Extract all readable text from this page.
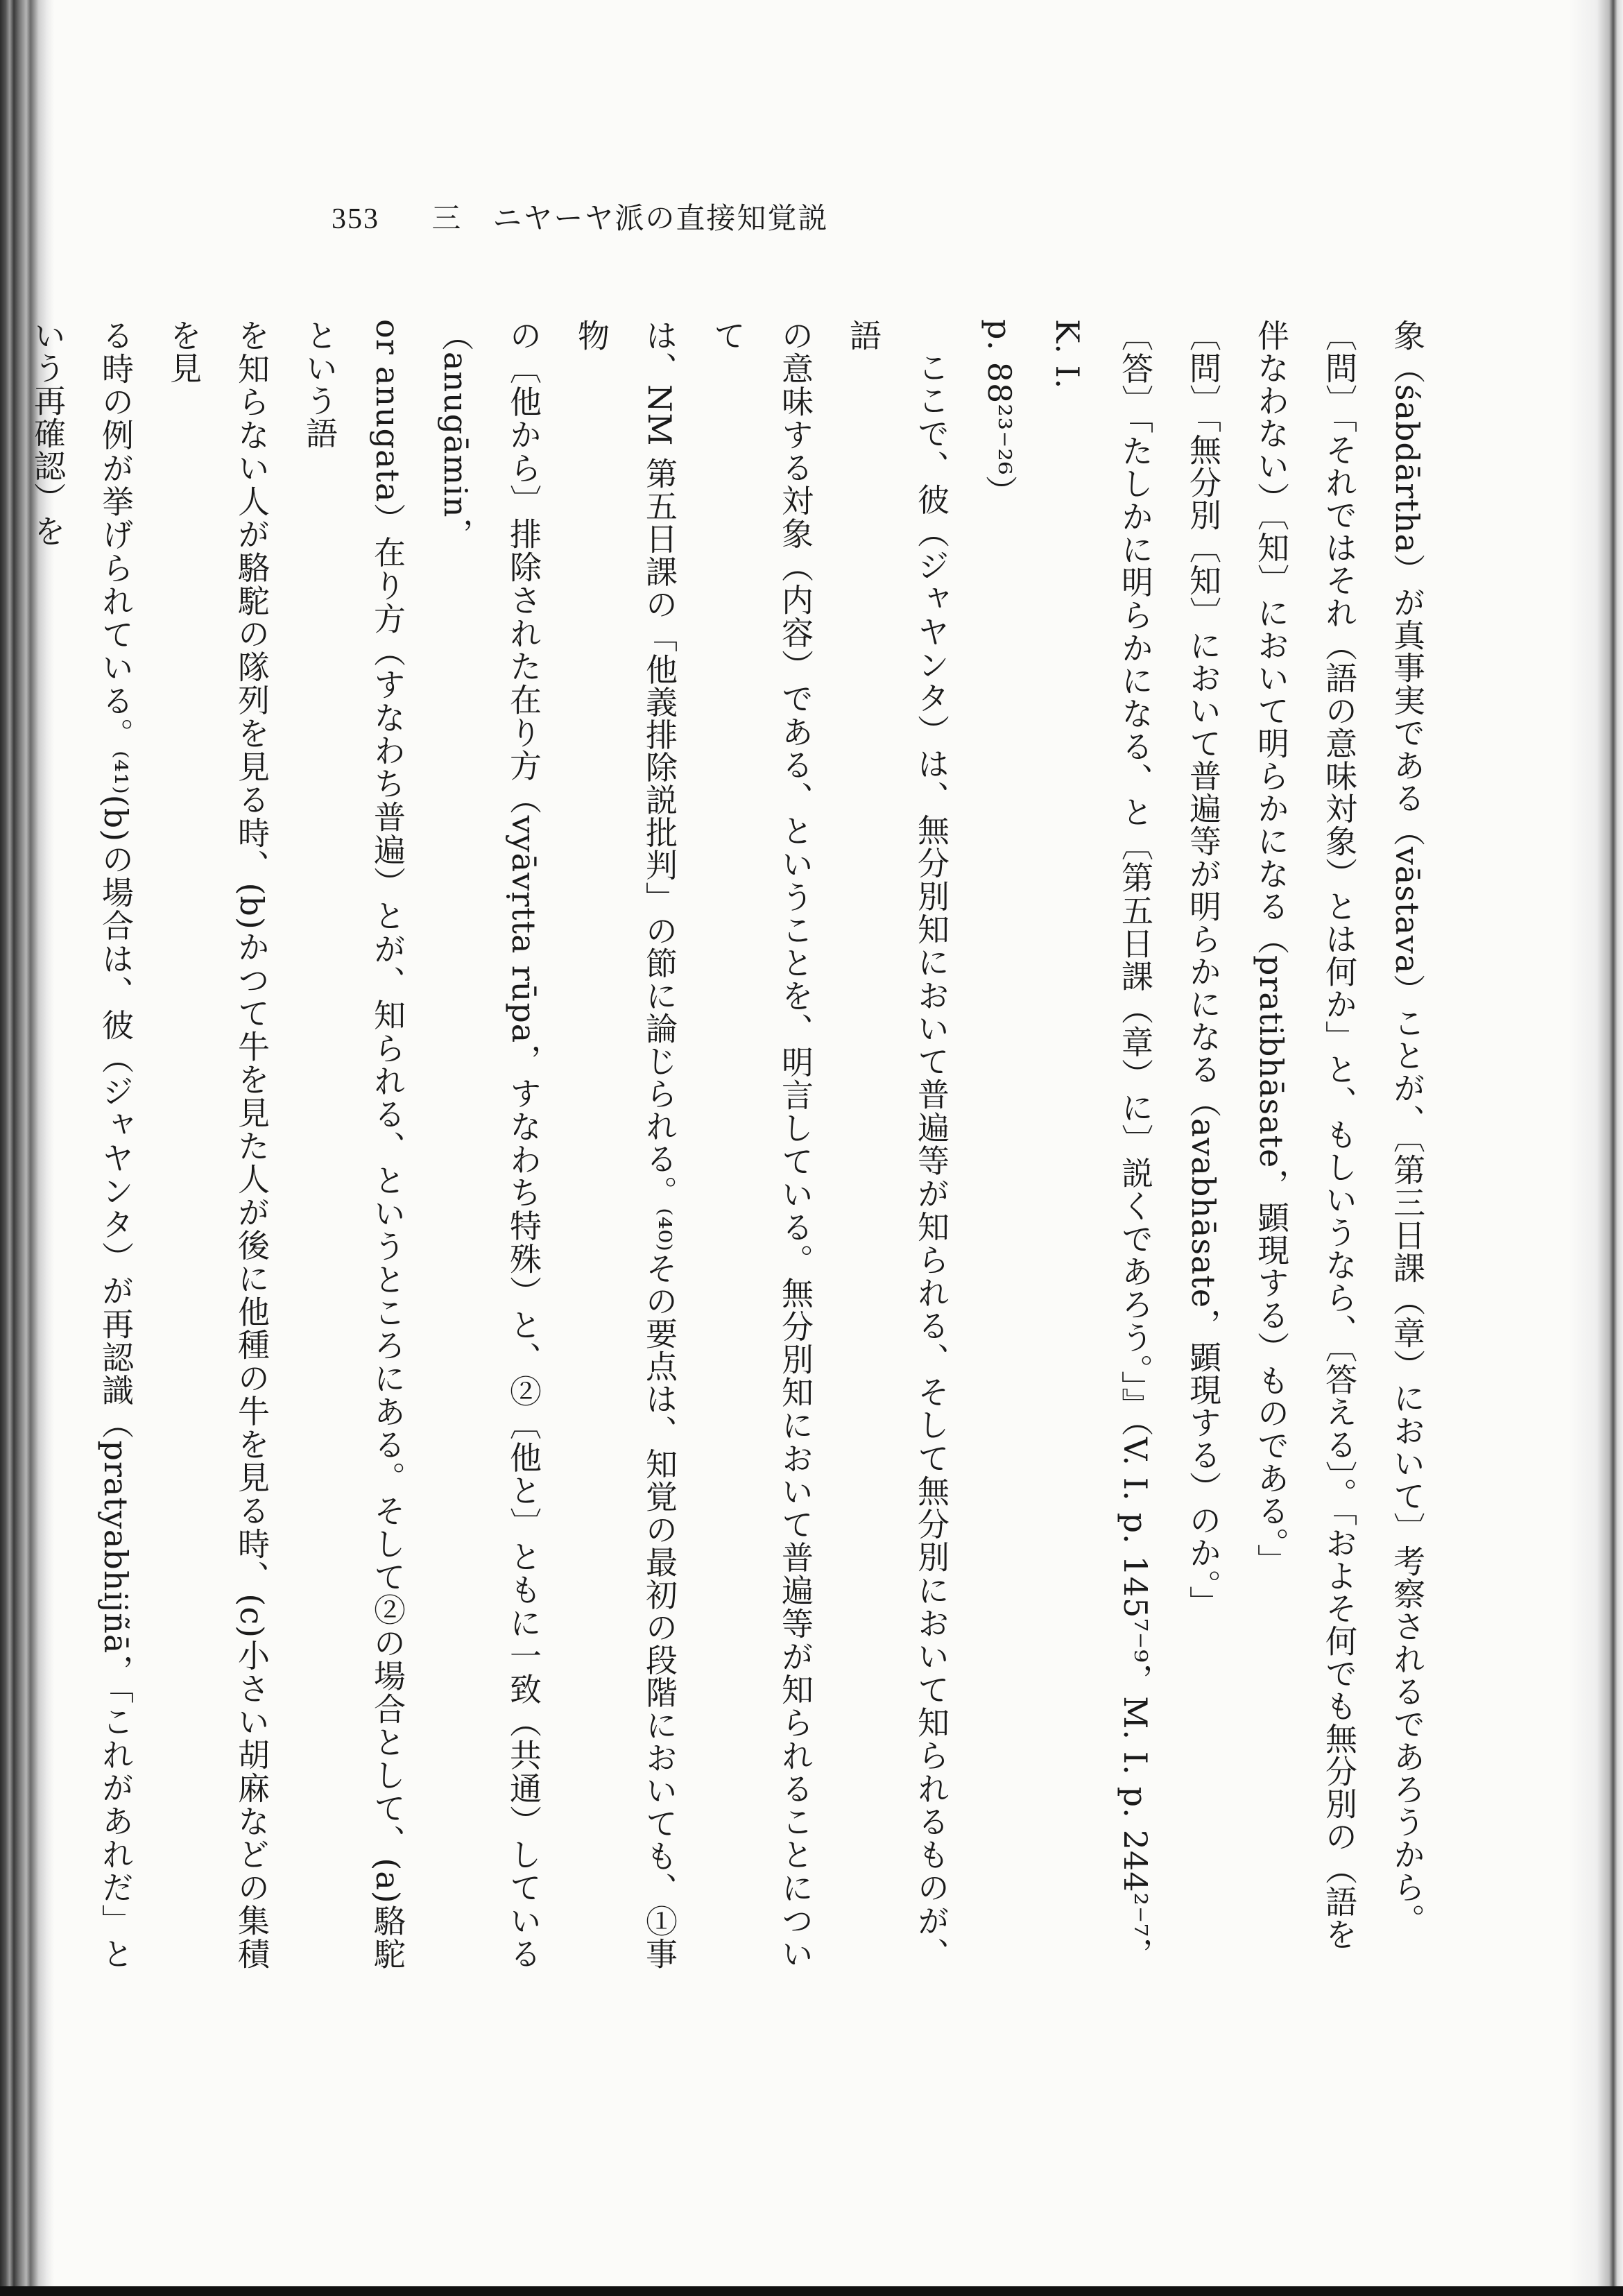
353 三　ニヤーヤ派の直接知覚説
象（śabdārtha）が真事実である（vāstava）ことが、〔第三日課（章）において〕考察されるであろうから。
〔問〕「それではそれ（語の意味対象）とは何か」と、もしいうなら、〔答える〕。「およそ何でも無分別の（語を
伴なわない）〔知〕において明らかになる（pratibhāsate，顕現する）ものである。」
〔問〕「無分別〔知〕において普遍等が明らかになる（avabhāsate，顕現する）のか。」
〔答〕「たしかに明らかになる、と〔第五日課（章）に〕説くであろう。」』（V. I. p. 145⁷⁻⁹，M. I. p. 244²⁻⁷，K. I.
p. 88²³⁻²⁶）
ここで、彼（ジャヤンタ）は、無分別知において普遍等が知られる、そして無分別において知られるものが、語
の意味する対象（内容）である、ということを、明言している。無分別知において普遍等が知られることについて
は、NM 第五日課の「他義排除説批判」の節に論じられる。⁽⁴⁰⁾その要点は、知覚の最初の段階においても、①事物
の〔他から〕排除された在り方（vyāvṛtta rūpa，すなわち特殊）と、②〔他と〕ともに一致（共通）している（anugāmin，
or anugata）在り方（すなわち普遍）とが、知られる、というところにある。そして②の場合として、(a)駱駝という語
を知らない人が駱駝の隊列を見る時、(b)かつて牛を見た人が後に他種の牛を見る時、(c)小さい胡麻などの集積を見
る時の例が挙げられている。⁽⁴¹⁾(b)の場合は、彼（ジャヤンタ）が再認識（pratyabhijñā，「これがあれだ」という再確認）を
